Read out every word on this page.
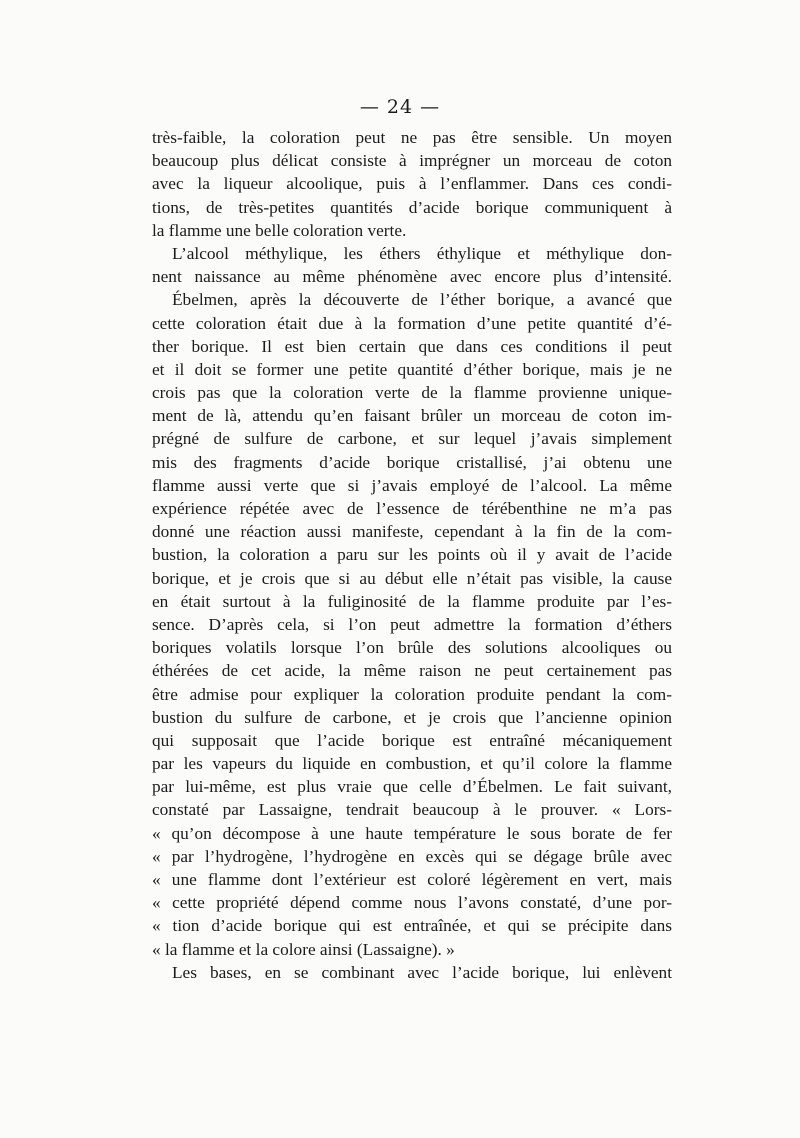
— 24 —
très-faible, la coloration peut ne pas être sensible. Un moyen
beaucoup plus délicat consiste à imprégner un morceau de coton
avec la liqueur alcoolique, puis à l’enflammer. Dans ces condi-
tions, de très-petites quantités d’acide borique communiquent à
la flamme une belle coloration verte.
L’alcool méthylique, les éthers éthylique et méthylique don-
nent naissance au même phénomène avec encore plus d’intensité.
Ébelmen, après la découverte de l’éther borique, a avancé que
cette coloration était due à la formation d’une petite quantité d’é-
ther borique. Il est bien certain que dans ces conditions il peut
et il doit se former une petite quantité d’éther borique, mais je ne
crois pas que la coloration verte de la flamme provienne unique-
ment de là, attendu qu’en faisant brûler un morceau de coton im-
prégné de sulfure de carbone, et sur lequel j’avais simplement
mis des fragments d’acide borique cristallisé, j’ai obtenu une
flamme aussi verte que si j’avais employé de l’alcool. La même
expérience répétée avec de l’essence de térébenthine ne m’a pas
donné une réaction aussi manifeste, cependant à la fin de la com-
bustion, la coloration a paru sur les points où il y avait de l’acide
borique, et je crois que si au début elle n’était pas visible, la cause
en était surtout à la fuliginosité de la flamme produite par l’es-
sence. D’après cela, si l’on peut admettre la formation d’éthers
boriques volatils lorsque l’on brûle des solutions alcooliques ou
éthérées de cet acide, la même raison ne peut certainement pas
être admise pour expliquer la coloration produite pendant la com-
bustion du sulfure de carbone, et je crois que l’ancienne opinion
qui supposait que l’acide borique est entraîné mécaniquement
par les vapeurs du liquide en combustion, et qu’il colore la flamme
par lui-même, est plus vraie que celle d’Ébelmen. Le fait suivant,
constaté par Lassaigne, tendrait beaucoup à le prouver. « Lors-
« qu’on décompose à une haute température le sous borate de fer
« par l’hydrogène, l’hydrogène en excès qui se dégage brûle avec
« une flamme dont l’extérieur est coloré légèrement en vert, mais
« cette propriété dépend comme nous l’avons constaté, d’une por-
« tion d’acide borique qui est entraînée, et qui se précipite dans
« la flamme et la colore ainsi (Lassaigne). »
Les bases, en se combinant avec l’acide borique, lui enlèvent
